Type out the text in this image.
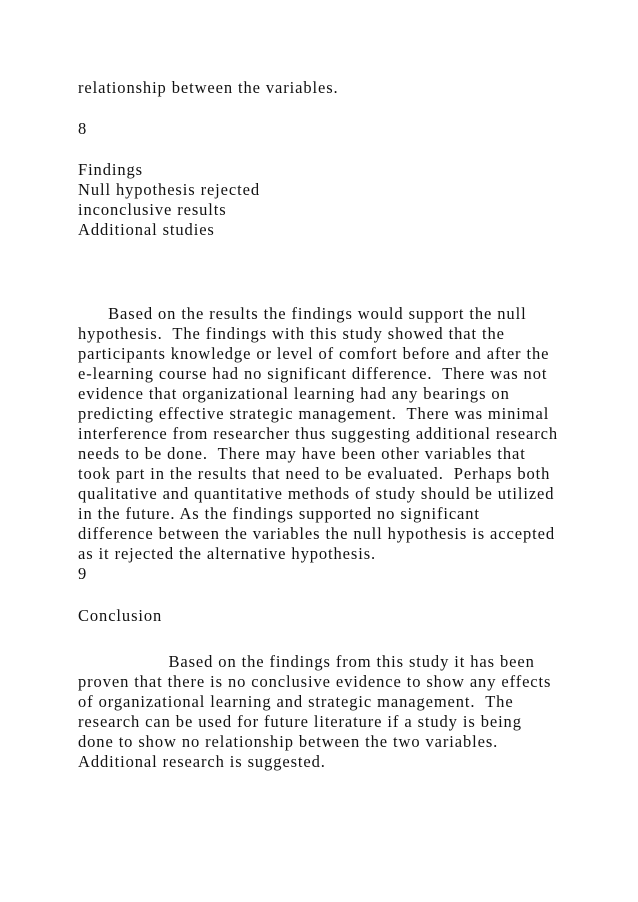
relationship between the variables.
8
Findings
Null hypothesis rejected
inconclusive results
Additional studies
Based on the results the findings would support the null
hypothesis.  The findings with this study showed that the
participants knowledge or level of comfort before and after the
e-learning course had no significant difference.  There was not
evidence that organizational learning had any bearings on
predicting effective strategic management.  There was minimal
interference from researcher thus suggesting additional research
needs to be done.  There may have been other variables that
took part in the results that need to be evaluated.  Perhaps both
qualitative and quantitative methods of study should be utilized
in the future. As the findings supported no significant
difference between the variables the null hypothesis is accepted
as it rejected the alternative hypothesis.
9
Conclusion
Based on the findings from this study it has been
proven that there is no conclusive evidence to show any effects
of organizational learning and strategic management.  The
research can be used for future literature if a study is being
done to show no relationship between the two variables.
Additional research is suggested.
